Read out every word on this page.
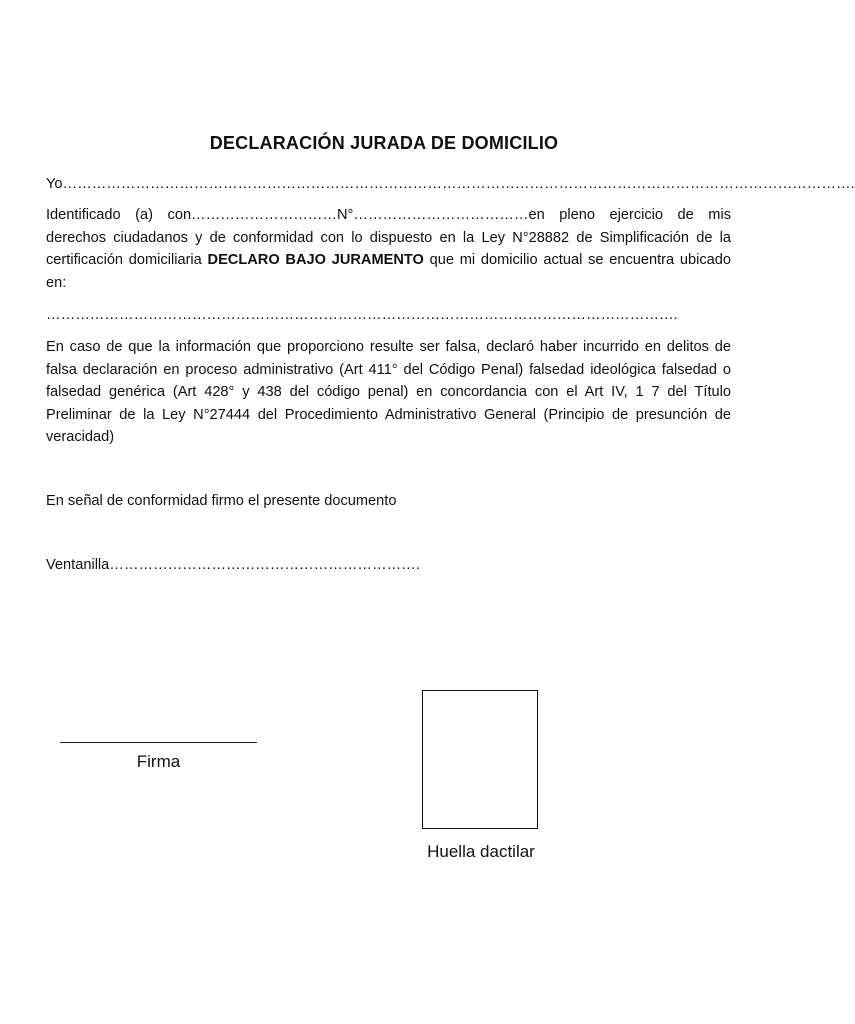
DECLARACIÓN JURADA DE DOMICILIO
Yo……………………………………………………………………………………………………………………………………………….
Identificado (a) con…………………………N°………………………………en pleno ejercicio de mis derechos ciudadanos y de conformidad con lo dispuesto en la Ley N°28882 de Simplificación de la certificación domiciliaria DECLARO BAJO JURAMENTO que mi domicilio actual se encuentra ubicado en:
………………………………………………………………………………………………………………….
En caso de que la información que proporciono resulte ser falsa, declaró haber incurrido en delitos de falsa declaración en proceso administrativo (Art 411° del Código Penal) falsedad ideológica falsedad o falsedad genérica (Art 428° y 438 del código penal) en concordancia con el Art IV, 1 7 del Título Preliminar de la Ley N°27444 del Procedimiento Administrativo General (Principio de presunción de veracidad)
En señal de conformidad firmo el presente documento
Ventanilla……………………………………………………….
Firma
Huella dactilar
